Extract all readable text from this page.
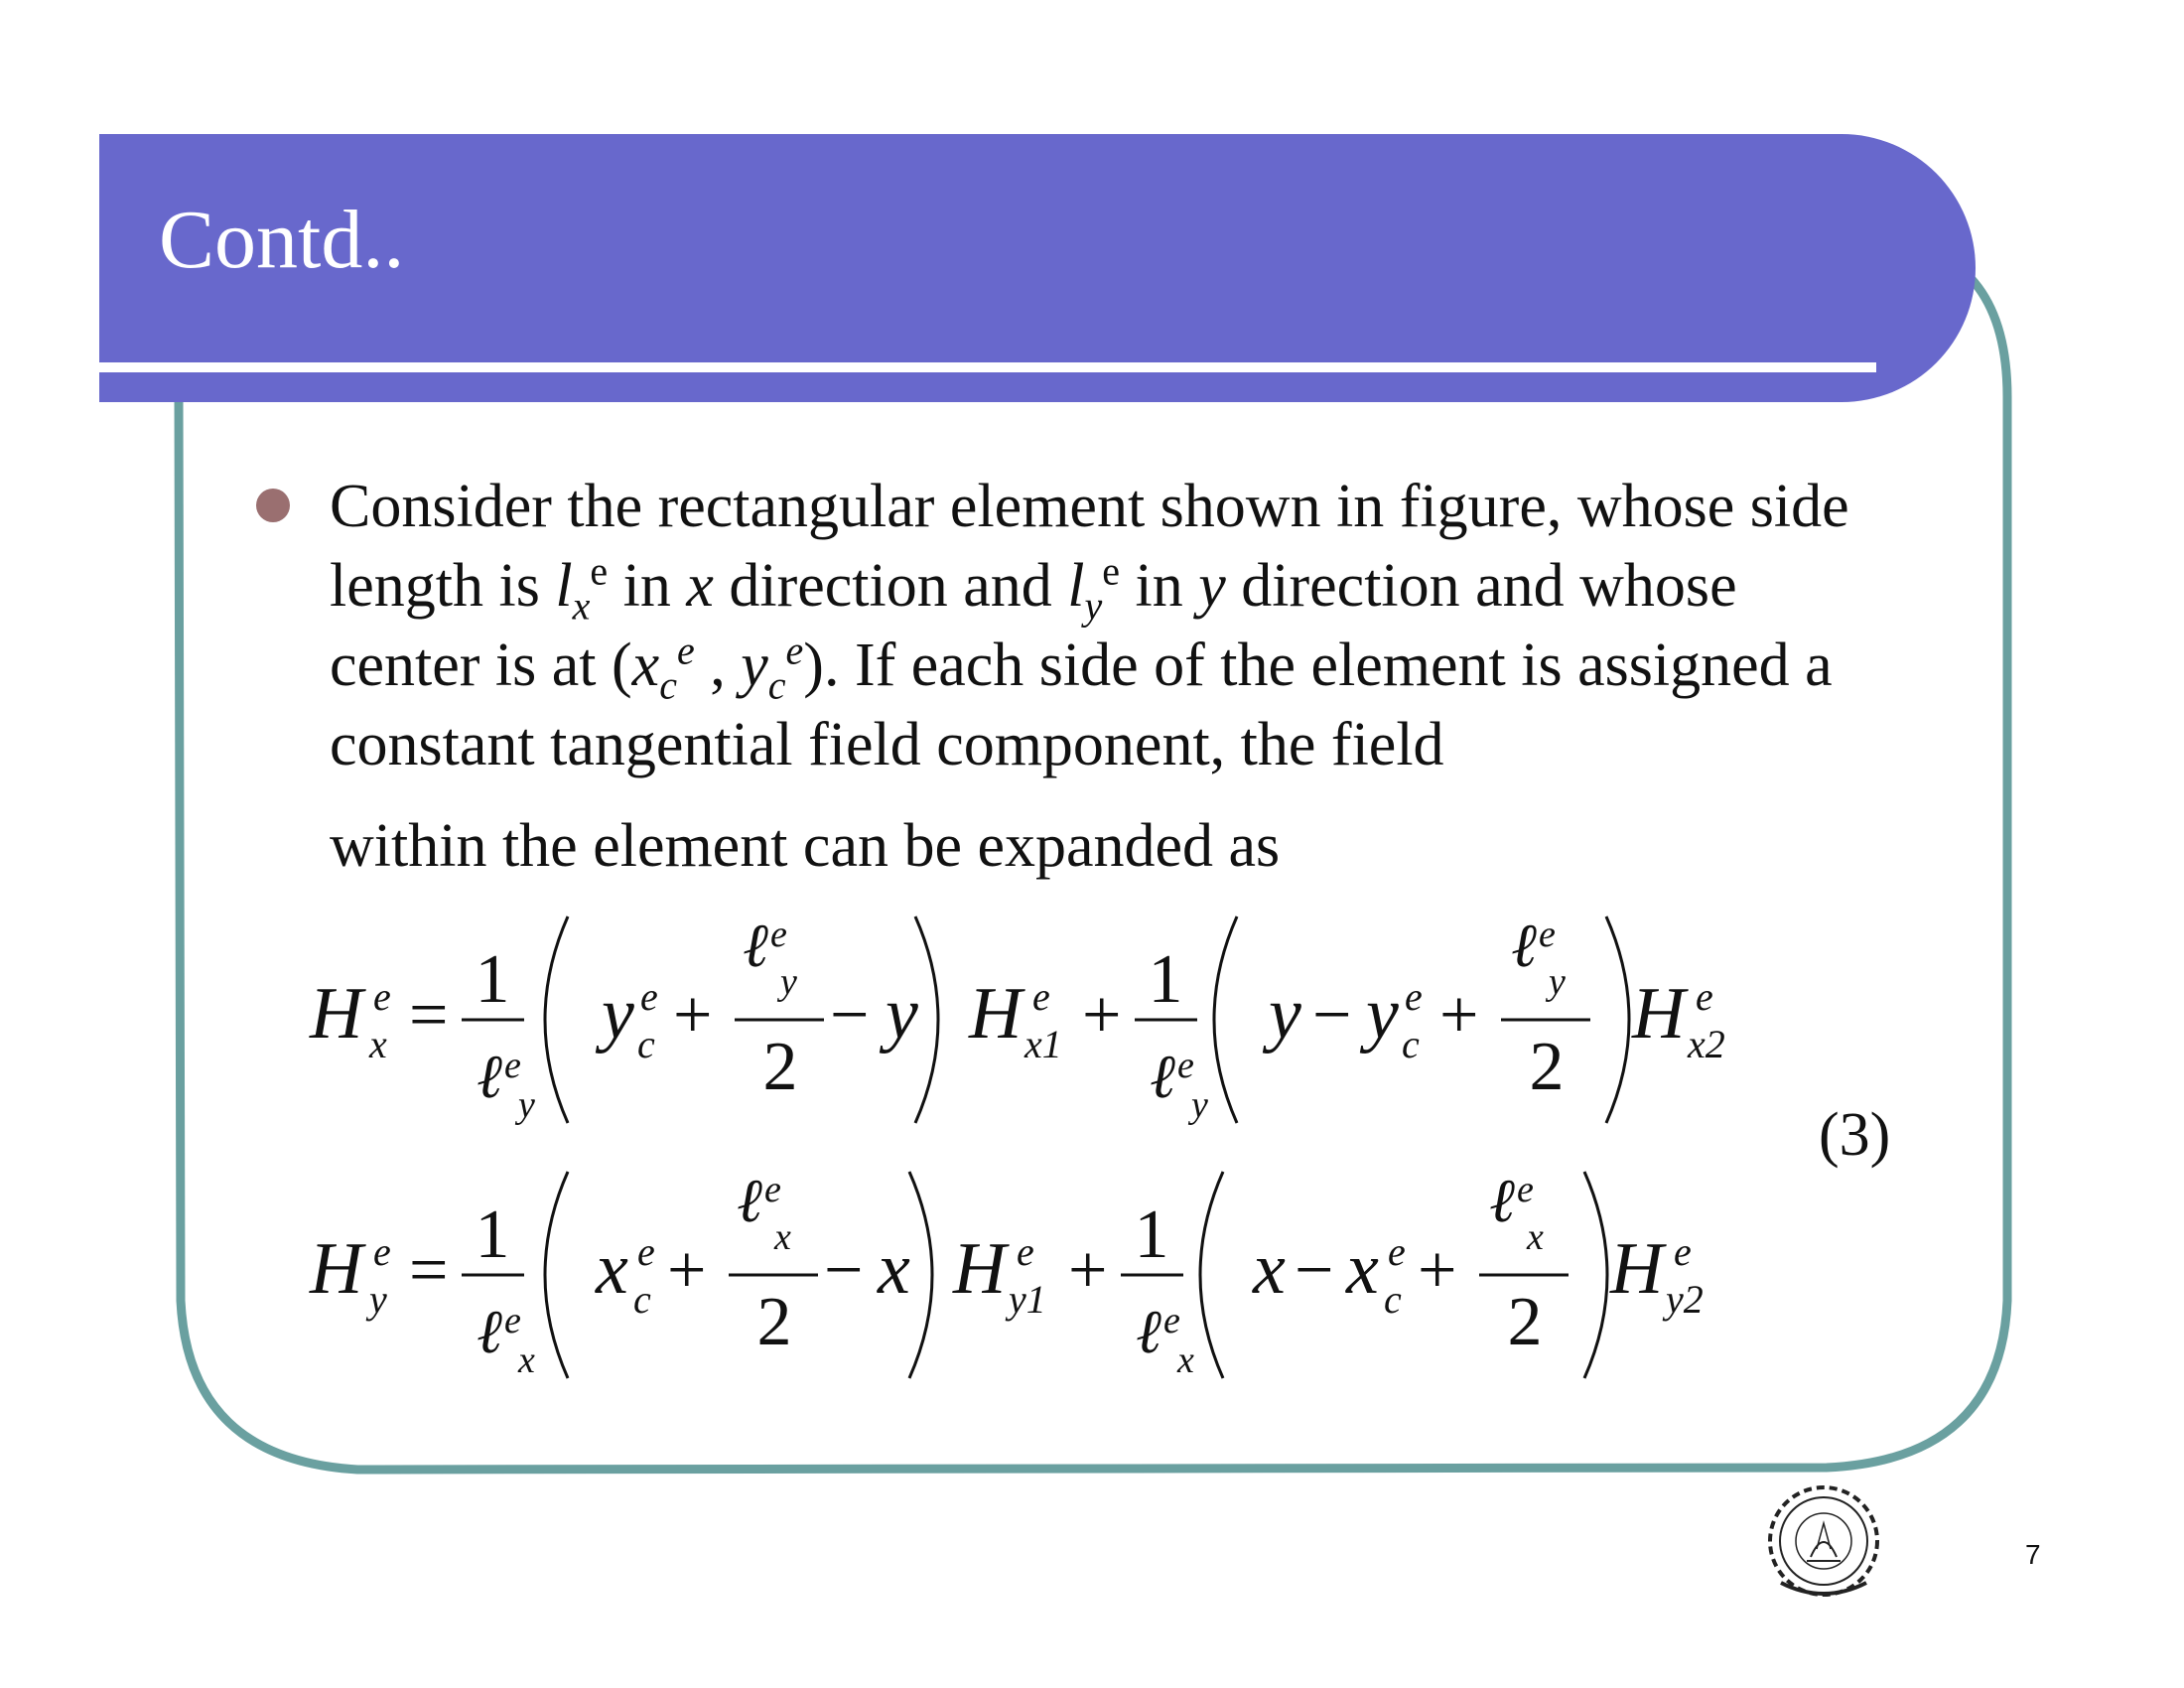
Contd..
Consider the rectangular element shown in figure, whose side length is $l_x^e$ in x direction and $l_y^e$ in y direction and whose center is at ($x_c^e$ , $y_c^e$). If each side of the element is assigned a constant tangential field component, the field
within the element can be expanded as
H e
x = 1
ℓ e
y
y e
c +
ℓ e
y
2
− y H e
x1 + 1
ℓ e
y
y − y e
c +
ℓ e
y
2
H e
x2
(3)
H e
y = 1
ℓ e
x
x e
c +
ℓ e
x
2
− x H e
y1 + 1
ℓ e
x
x − x e
c +
ℓ e
x
2
H e
y2
7
